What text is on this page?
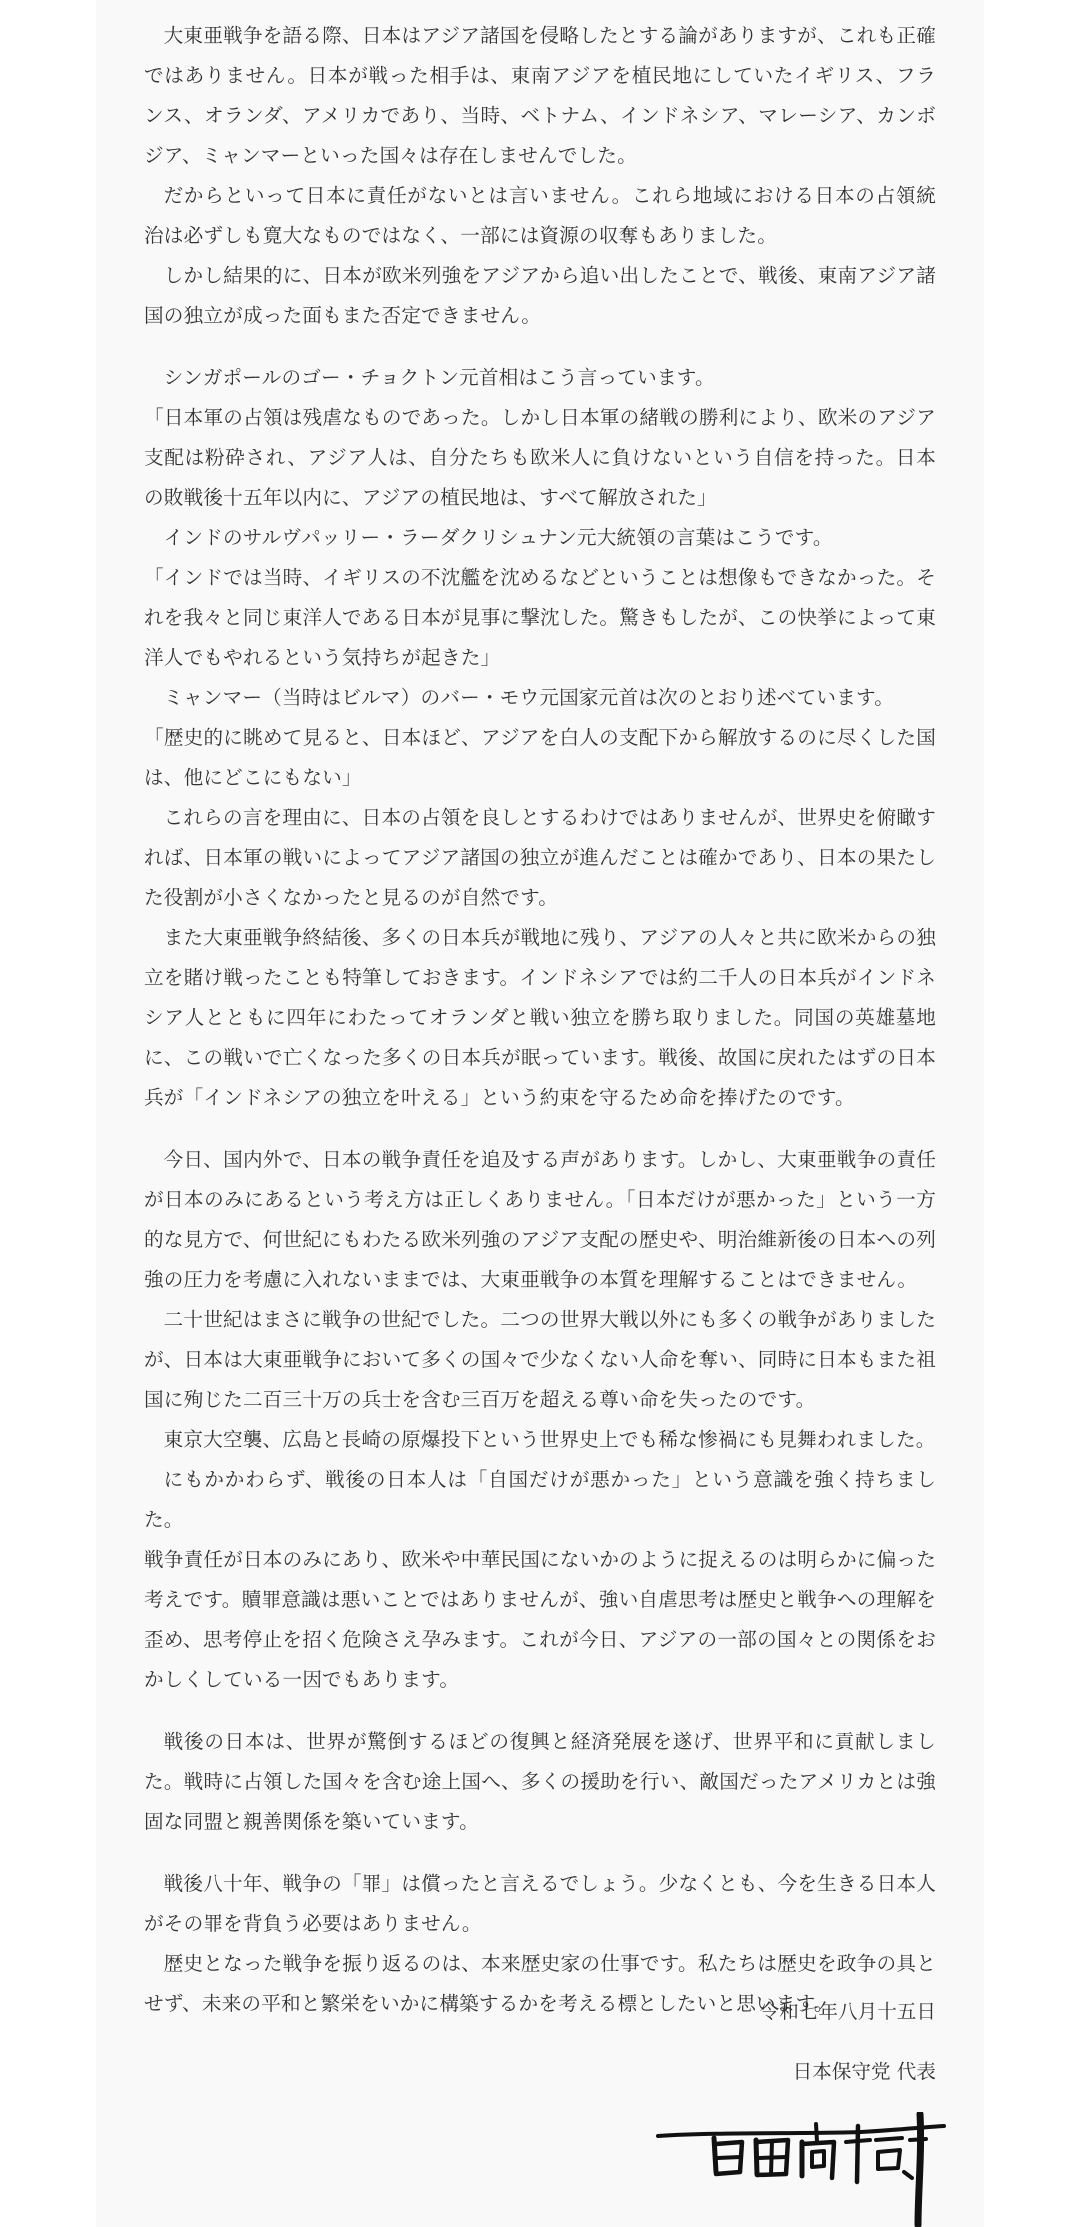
大東亜戦争を語る際、日本はアジア諸国を侵略したとする論がありますが、これも正確ではありません。日本が戦った相手は、東南アジアを植民地にしていたイギリス、フランス、オランダ、アメリカであり、当時、ベトナム、インドネシア、マレーシア、カンボジア、ミャンマーといった国々は存在しませんでした。

だからといって日本に責任がないとは言いません。これら地域における日本の占領統治は必ずしも寛大なものではなく、一部には資源の収奪もありました。

しかし結果的に、日本が欧米列強をアジアから追い出したことで、戦後、東南アジア諸国の独立が成った面もまた否定できません。

シンガポールのゴー・チョクトン元首相はこう言っています。

「日本軍の占領は残虐なものであった。しかし日本軍の緒戦の勝利により、欧米のアジア支配は粉砕され、アジア人は、自分たちも欧米人に負けないという自信を持った。日本の敗戦後十五年以内に、アジアの植民地は、すべて解放された」

インドのサルヴパッリー・ラーダクリシュナン元大統領の言葉はこうです。

「インドでは当時、イギリスの不沈艦を沈めるなどということは想像もできなかった。それを我々と同じ東洋人である日本が見事に撃沈した。驚きもしたが、この快挙によって東洋人でもやれるという気持ちが起きた」

ミャンマー（当時はビルマ）のバー・モウ元国家元首は次のとおり述べています。

「歴史的に眺めて見ると、日本ほど、アジアを白人の支配下から解放するのに尽くした国は、他にどこにもない」

これらの言を理由に、日本の占領を良しとするわけではありませんが、世界史を俯瞰すれば、日本軍の戦いによってアジア諸国の独立が進んだことは確かであり、日本の果たした役割が小さくなかったと見るのが自然です。

また大東亜戦争終結後、多くの日本兵が戦地に残り、アジアの人々と共に欧米からの独立を賭け戦ったことも特筆しておきます。インドネシアでは約二千人の日本兵がインドネシア人とともに四年にわたってオランダと戦い独立を勝ち取りました。同国の英雄墓地に、この戦いで亡くなった多くの日本兵が眠っています。戦後、故国に戻れたはずの日本兵が「インドネシアの独立を叶える」という約束を守るため命を捧げたのです。

今日、国内外で、日本の戦争責任を追及する声があります。しかし、大東亜戦争の責任が日本のみにあるという考え方は正しくありません。「日本だけが悪かった」という一方的な見方で、何世紀にもわたる欧米列強のアジア支配の歴史や、明治維新後の日本への列強の圧力を考慮に入れないままでは、大東亜戦争の本質を理解することはできません。

二十世紀はまさに戦争の世紀でした。二つの世界大戦以外にも多くの戦争がありましたが、日本は大東亜戦争において多くの国々で少なくない人命を奪い、同時に日本もまた祖国に殉じた二百三十万の兵士を含む三百万を超える尊い命を失ったのです。

東京大空襲、広島と長崎の原爆投下という世界史上でも稀な惨禍にも見舞われました。

にもかかわらず、戦後の日本人は「自国だけが悪かった」という意識を強く持ちました。

戦争責任が日本のみにあり、欧米や中華民国にないかのように捉えるのは明らかに偏った考えです。贖罪意識は悪いことではありませんが、強い自虐思考は歴史と戦争への理解を歪め、思考停止を招く危険さえ孕みます。これが今日、アジアの一部の国々との関係をおかしくしている一因でもあります。

戦後の日本は、世界が驚倒するほどの復興と経済発展を遂げ、世界平和に貢献しました。戦時に占領した国々を含む途上国へ、多くの援助を行い、敵国だったアメリカとは強固な同盟と親善関係を築いています。

戦後八十年、戦争の「罪」は償ったと言えるでしょう。少なくとも、今を生きる日本人がその罪を背負う必要はありません。

歴史となった戦争を振り返るのは、本来歴史家の仕事です。私たちは歴史を政争の具とせず、未来の平和と繁栄をいかに構築するかを考える標としたいと思います。

令和七年八月十五日
日本保守党 代表
